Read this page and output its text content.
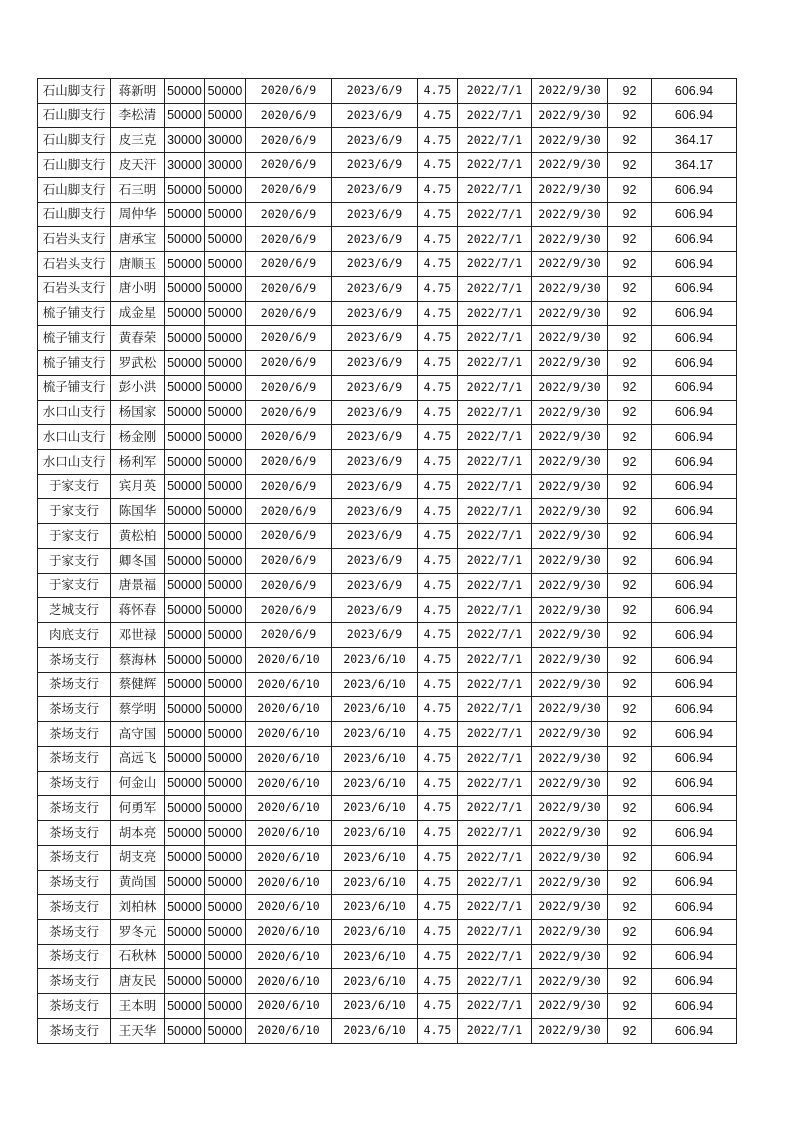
石山脚支行	蒋新明	50000	50000	2020/6/9	2023/6/9	4.75	2022/7/1	2022/9/30	92	606.94
石山脚支行	李松清	50000	50000	2020/6/9	2023/6/9	4.75	2022/7/1	2022/9/30	92	606.94
石山脚支行	皮三克	30000	30000	2020/6/9	2023/6/9	4.75	2022/7/1	2022/9/30	92	364.17
石山脚支行	皮天汗	30000	30000	2020/6/9	2023/6/9	4.75	2022/7/1	2022/9/30	92	364.17
石山脚支行	石三明	50000	50000	2020/6/9	2023/6/9	4.75	2022/7/1	2022/9/30	92	606.94
石山脚支行	周仲华	50000	50000	2020/6/9	2023/6/9	4.75	2022/7/1	2022/9/30	92	606.94
石岩头支行	唐承宝	50000	50000	2020/6/9	2023/6/9	4.75	2022/7/1	2022/9/30	92	606.94
石岩头支行	唐顺玉	50000	50000	2020/6/9	2023/6/9	4.75	2022/7/1	2022/9/30	92	606.94
石岩头支行	唐小明	50000	50000	2020/6/9	2023/6/9	4.75	2022/7/1	2022/9/30	92	606.94
梳子铺支行	成金星	50000	50000	2020/6/9	2023/6/9	4.75	2022/7/1	2022/9/30	92	606.94
梳子铺支行	黄春荣	50000	50000	2020/6/9	2023/6/9	4.75	2022/7/1	2022/9/30	92	606.94
梳子铺支行	罗武松	50000	50000	2020/6/9	2023/6/9	4.75	2022/7/1	2022/9/30	92	606.94
梳子铺支行	彭小洪	50000	50000	2020/6/9	2023/6/9	4.75	2022/7/1	2022/9/30	92	606.94
水口山支行	杨国家	50000	50000	2020/6/9	2023/6/9	4.75	2022/7/1	2022/9/30	92	606.94
水口山支行	杨金刚	50000	50000	2020/6/9	2023/6/9	4.75	2022/7/1	2022/9/30	92	606.94
水口山支行	杨利军	50000	50000	2020/6/9	2023/6/9	4.75	2022/7/1	2022/9/30	92	606.94
于家支行	宾月英	50000	50000	2020/6/9	2023/6/9	4.75	2022/7/1	2022/9/30	92	606.94
于家支行	陈国华	50000	50000	2020/6/9	2023/6/9	4.75	2022/7/1	2022/9/30	92	606.94
于家支行	黄松柏	50000	50000	2020/6/9	2023/6/9	4.75	2022/7/1	2022/9/30	92	606.94
于家支行	卿冬国	50000	50000	2020/6/9	2023/6/9	4.75	2022/7/1	2022/9/30	92	606.94
于家支行	唐景福	50000	50000	2020/6/9	2023/6/9	4.75	2022/7/1	2022/9/30	92	606.94
芝城支行	蒋怀春	50000	50000	2020/6/9	2023/6/9	4.75	2022/7/1	2022/9/30	92	606.94
肉底支行	邓世禄	50000	50000	2020/6/9	2023/6/9	4.75	2022/7/1	2022/9/30	92	606.94
茶场支行	蔡海林	50000	50000	2020/6/10	2023/6/10	4.75	2022/7/1	2022/9/30	92	606.94
茶场支行	蔡健辉	50000	50000	2020/6/10	2023/6/10	4.75	2022/7/1	2022/9/30	92	606.94
茶场支行	蔡学明	50000	50000	2020/6/10	2023/6/10	4.75	2022/7/1	2022/9/30	92	606.94
茶场支行	高守国	50000	50000	2020/6/10	2023/6/10	4.75	2022/7/1	2022/9/30	92	606.94
茶场支行	高远飞	50000	50000	2020/6/10	2023/6/10	4.75	2022/7/1	2022/9/30	92	606.94
茶场支行	何金山	50000	50000	2020/6/10	2023/6/10	4.75	2022/7/1	2022/9/30	92	606.94
茶场支行	何勇军	50000	50000	2020/6/10	2023/6/10	4.75	2022/7/1	2022/9/30	92	606.94
茶场支行	胡本亮	50000	50000	2020/6/10	2023/6/10	4.75	2022/7/1	2022/9/30	92	606.94
茶场支行	胡支亮	50000	50000	2020/6/10	2023/6/10	4.75	2022/7/1	2022/9/30	92	606.94
茶场支行	黄尚国	50000	50000	2020/6/10	2023/6/10	4.75	2022/7/1	2022/9/30	92	606.94
茶场支行	刘柏林	50000	50000	2020/6/10	2023/6/10	4.75	2022/7/1	2022/9/30	92	606.94
茶场支行	罗冬元	50000	50000	2020/6/10	2023/6/10	4.75	2022/7/1	2022/9/30	92	606.94
茶场支行	石秋林	50000	50000	2020/6/10	2023/6/10	4.75	2022/7/1	2022/9/30	92	606.94
茶场支行	唐友民	50000	50000	2020/6/10	2023/6/10	4.75	2022/7/1	2022/9/30	92	606.94
茶场支行	王本明	50000	50000	2020/6/10	2023/6/10	4.75	2022/7/1	2022/9/30	92	606.94
茶场支行	王天华	50000	50000	2020/6/10	2023/6/10	4.75	2022/7/1	2022/9/30	92	606.94
